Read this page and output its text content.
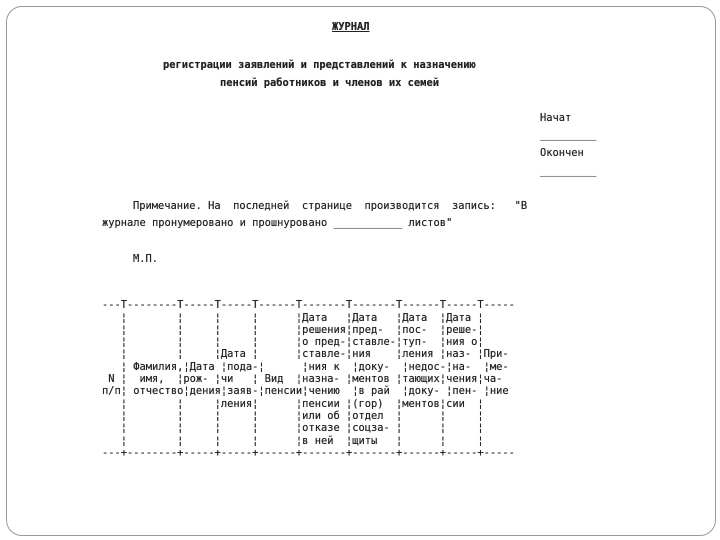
ЖУРНАЛ
регистрации заявлений и представлений к назначению
пенсий работников и членов их семей
Начат
_________
Окончен
_________
Примечание. На  последней  странице  производится  запись:   "В
журнале пронумеровано и прошнуровано ___________ листов"
М.П.

---T--------T-----T-----T------T-------T-------T------T-----T-----
¦        ¦     ¦     ¦      ¦Дата   ¦Дата   ¦Дата  ¦Дата ¦
¦        ¦     ¦     ¦      ¦решения¦пред-  ¦пос-  ¦реше-¦
¦        ¦     ¦     ¦      ¦о пред-¦ставле-¦туп-  ¦ния о¦
¦        ¦     ¦Дата ¦      ¦ставле-¦ния    ¦ления ¦наз- ¦При-
¦ Фамилия,¦Дата ¦пода-¦      ¦ния к  ¦доку-  ¦недос-¦на-  ¦ме-
N ¦  имя,  ¦рож- ¦чи   ¦ Вид  ¦назна- ¦ментов ¦тающих¦чения¦ча-
п/п¦ отчество¦дения¦заяв-¦пенсии¦чению  ¦в рай  ¦доку- ¦пен- ¦ние
¦        ¦     ¦ления¦      ¦пенсии ¦(гор)  ¦ментов¦сии  ¦
¦        ¦     ¦     ¦      ¦или об ¦отдел  ¦      ¦     ¦
¦        ¦     ¦     ¦      ¦отказе ¦соцза- ¦      ¦     ¦
¦        ¦     ¦     ¦      ¦в ней  ¦щиты   ¦      ¦     ¦
---+--------+-----+-----+------+-------+-------+------+-----+-----
